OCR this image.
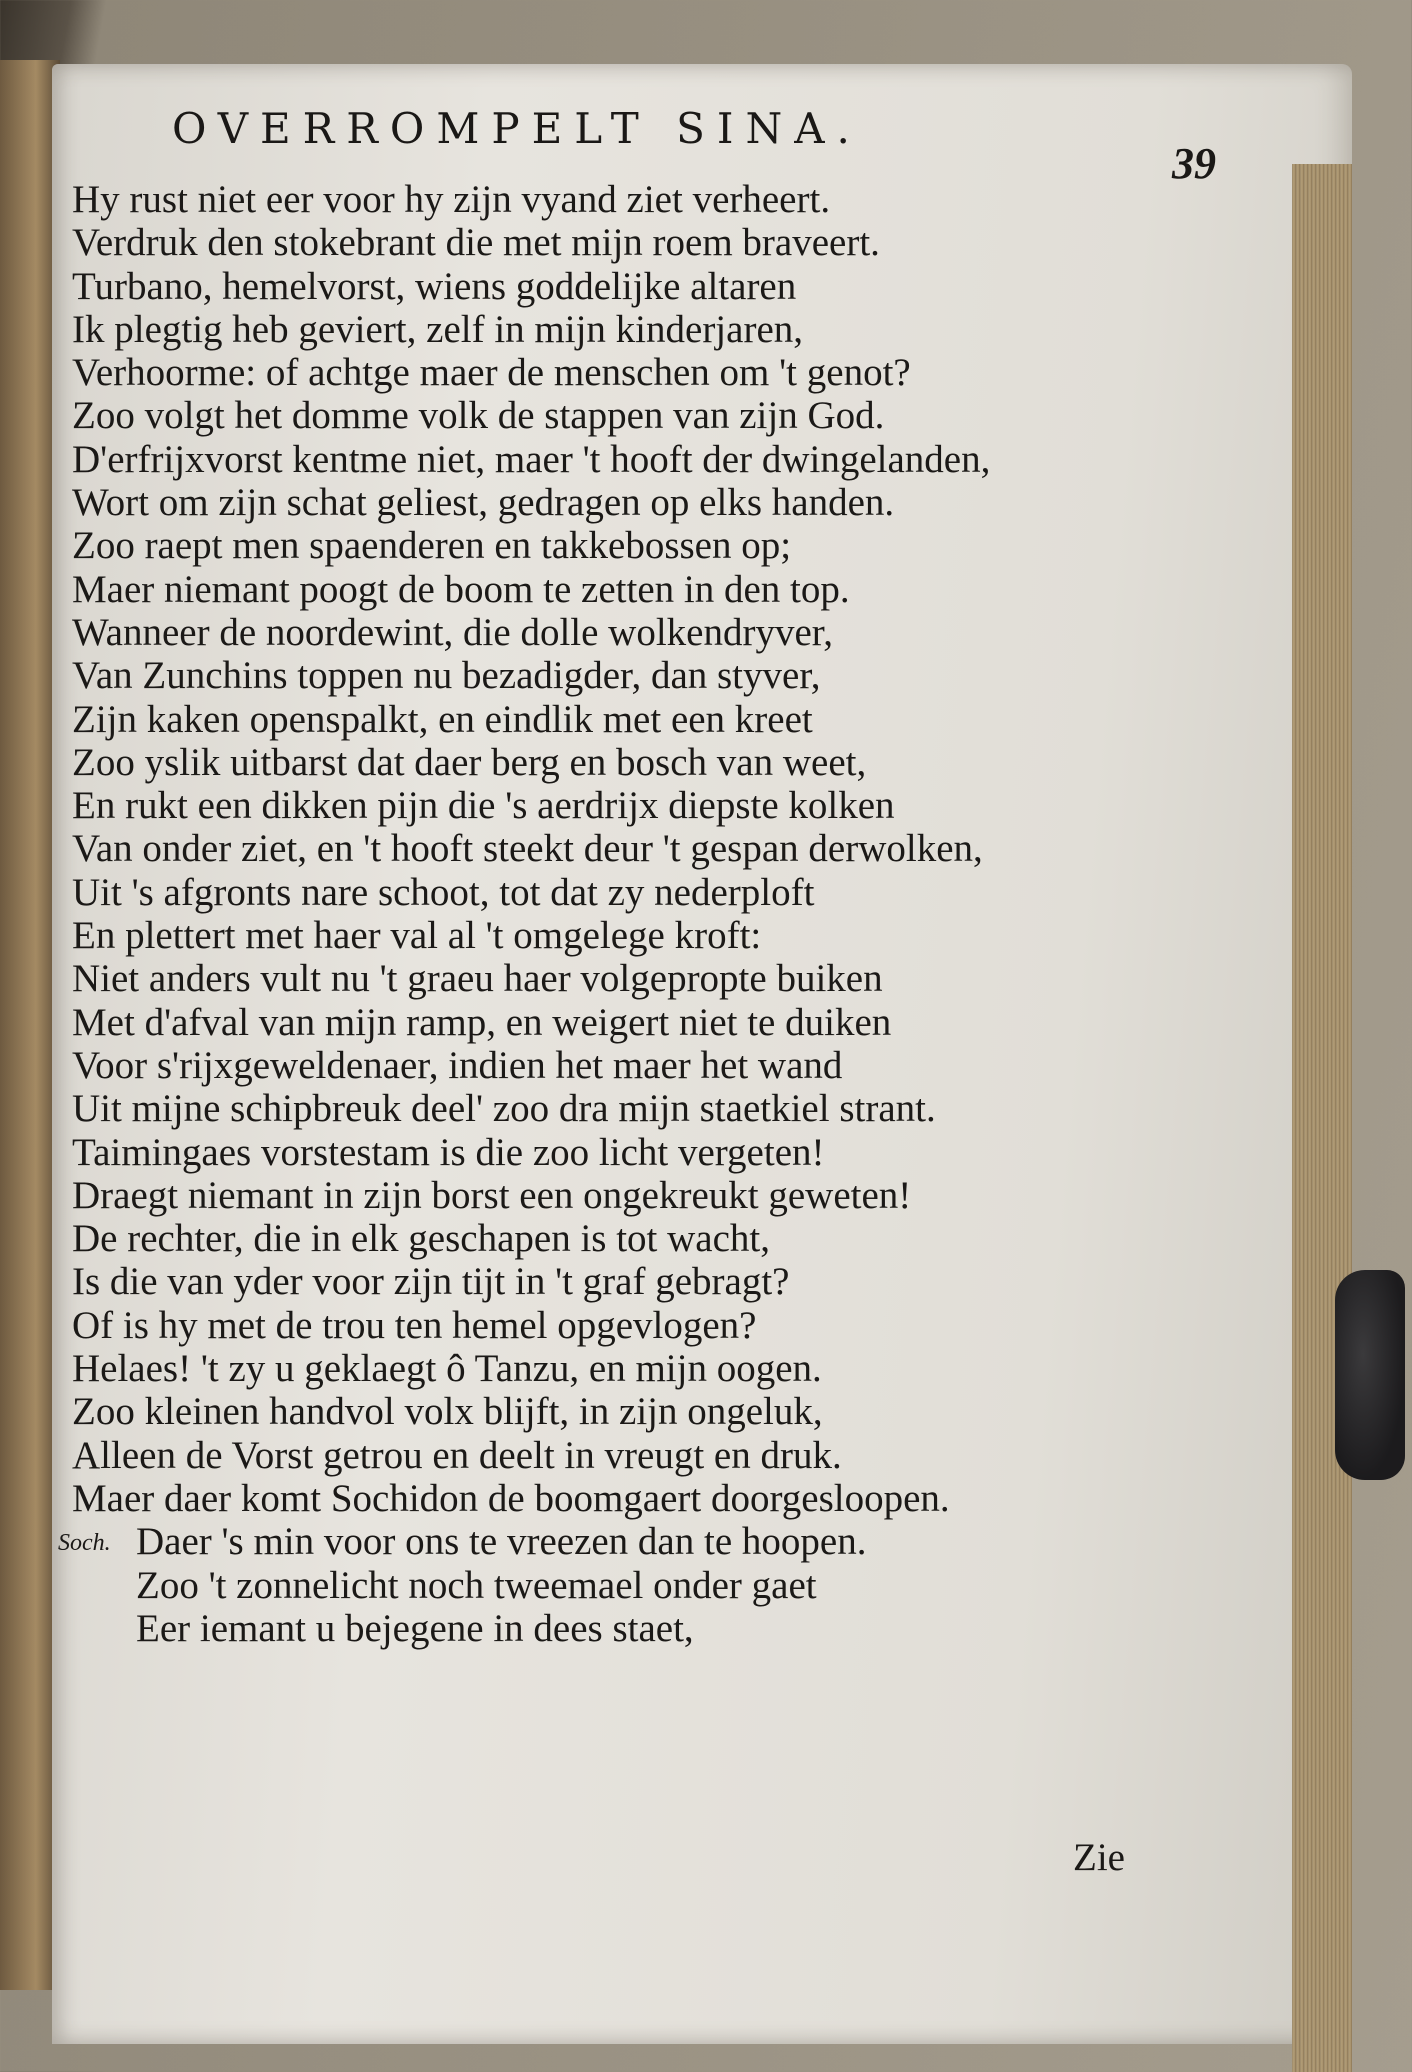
OVERROMPELT SINA.
39
Hy rust niet eer voor hy zijn vyand ziet verheert.
Verdruk den stokebrant die met mijn roem braveert.
Turbano, hemelvorst, wiens goddelijke altaren
Ik plegtig heb geviert, zelf in mijn kinderjaren,
Verhoorme: of achtge maer de menschen om 't genot?
Zoo volgt het domme volk de stappen van zijn God.
D'erfrijxvorst kentme niet, maer 't hooft der dwingelanden,
Wort om zijn schat geliest, gedragen op elks handen.
Zoo raept men spaenderen en takkebossen op;
Maer niemant poogt de boom te zetten in den top.
Wanneer de noordewint, die dolle wolkendryver,
Van Zunchins toppen nu bezadigder, dan styver,
Zijn kaken openspalkt, en eindlik met een kreet
Zoo yslik uitbarst dat daer berg en bosch van weet,
En rukt een dikken pijn die 's aerdrijx diepste kolken
Van onder ziet, en 't hooft steekt deur 't gespan derwolken,
Uit 's afgronts nare schoot, tot dat zy nederploft
En plettert met haer val al 't omgelege kroft:
Niet anders vult nu 't graeu haer volgepropte buiken
Met d'afval van mijn ramp, en weigert niet te duiken
Voor s'rijxgeweldenaer, indien het maer het wand
Uit mijne schipbreuk deel' zoo dra mijn staetkiel strant.
Taimingaes vorstestam is die zoo licht vergeten!
Draegt niemant in zijn borst een ongekreukt geweten!
De rechter, die in elk geschapen is tot wacht,
Is die van yder voor zijn tijt in 't graf gebragt?
Of is hy met de trou ten hemel opgevlogen?
Helaes! 't zy u geklaegt ô Tanzu, en mijn oogen.
Zoo kleinen handvol volx blijft, in zijn ongeluk,
Alleen de Vorst getrou en deelt in vreugt en druk.
Maer daer komt Sochidon de boomgaert doorgesloopen.
Soch. Daer 's min voor ons te vreezen dan te hoopen.
Zoo 't zonnelicht noch tweemael onder gaet
Eer iemant u bejegene in dees staet,
Zie
